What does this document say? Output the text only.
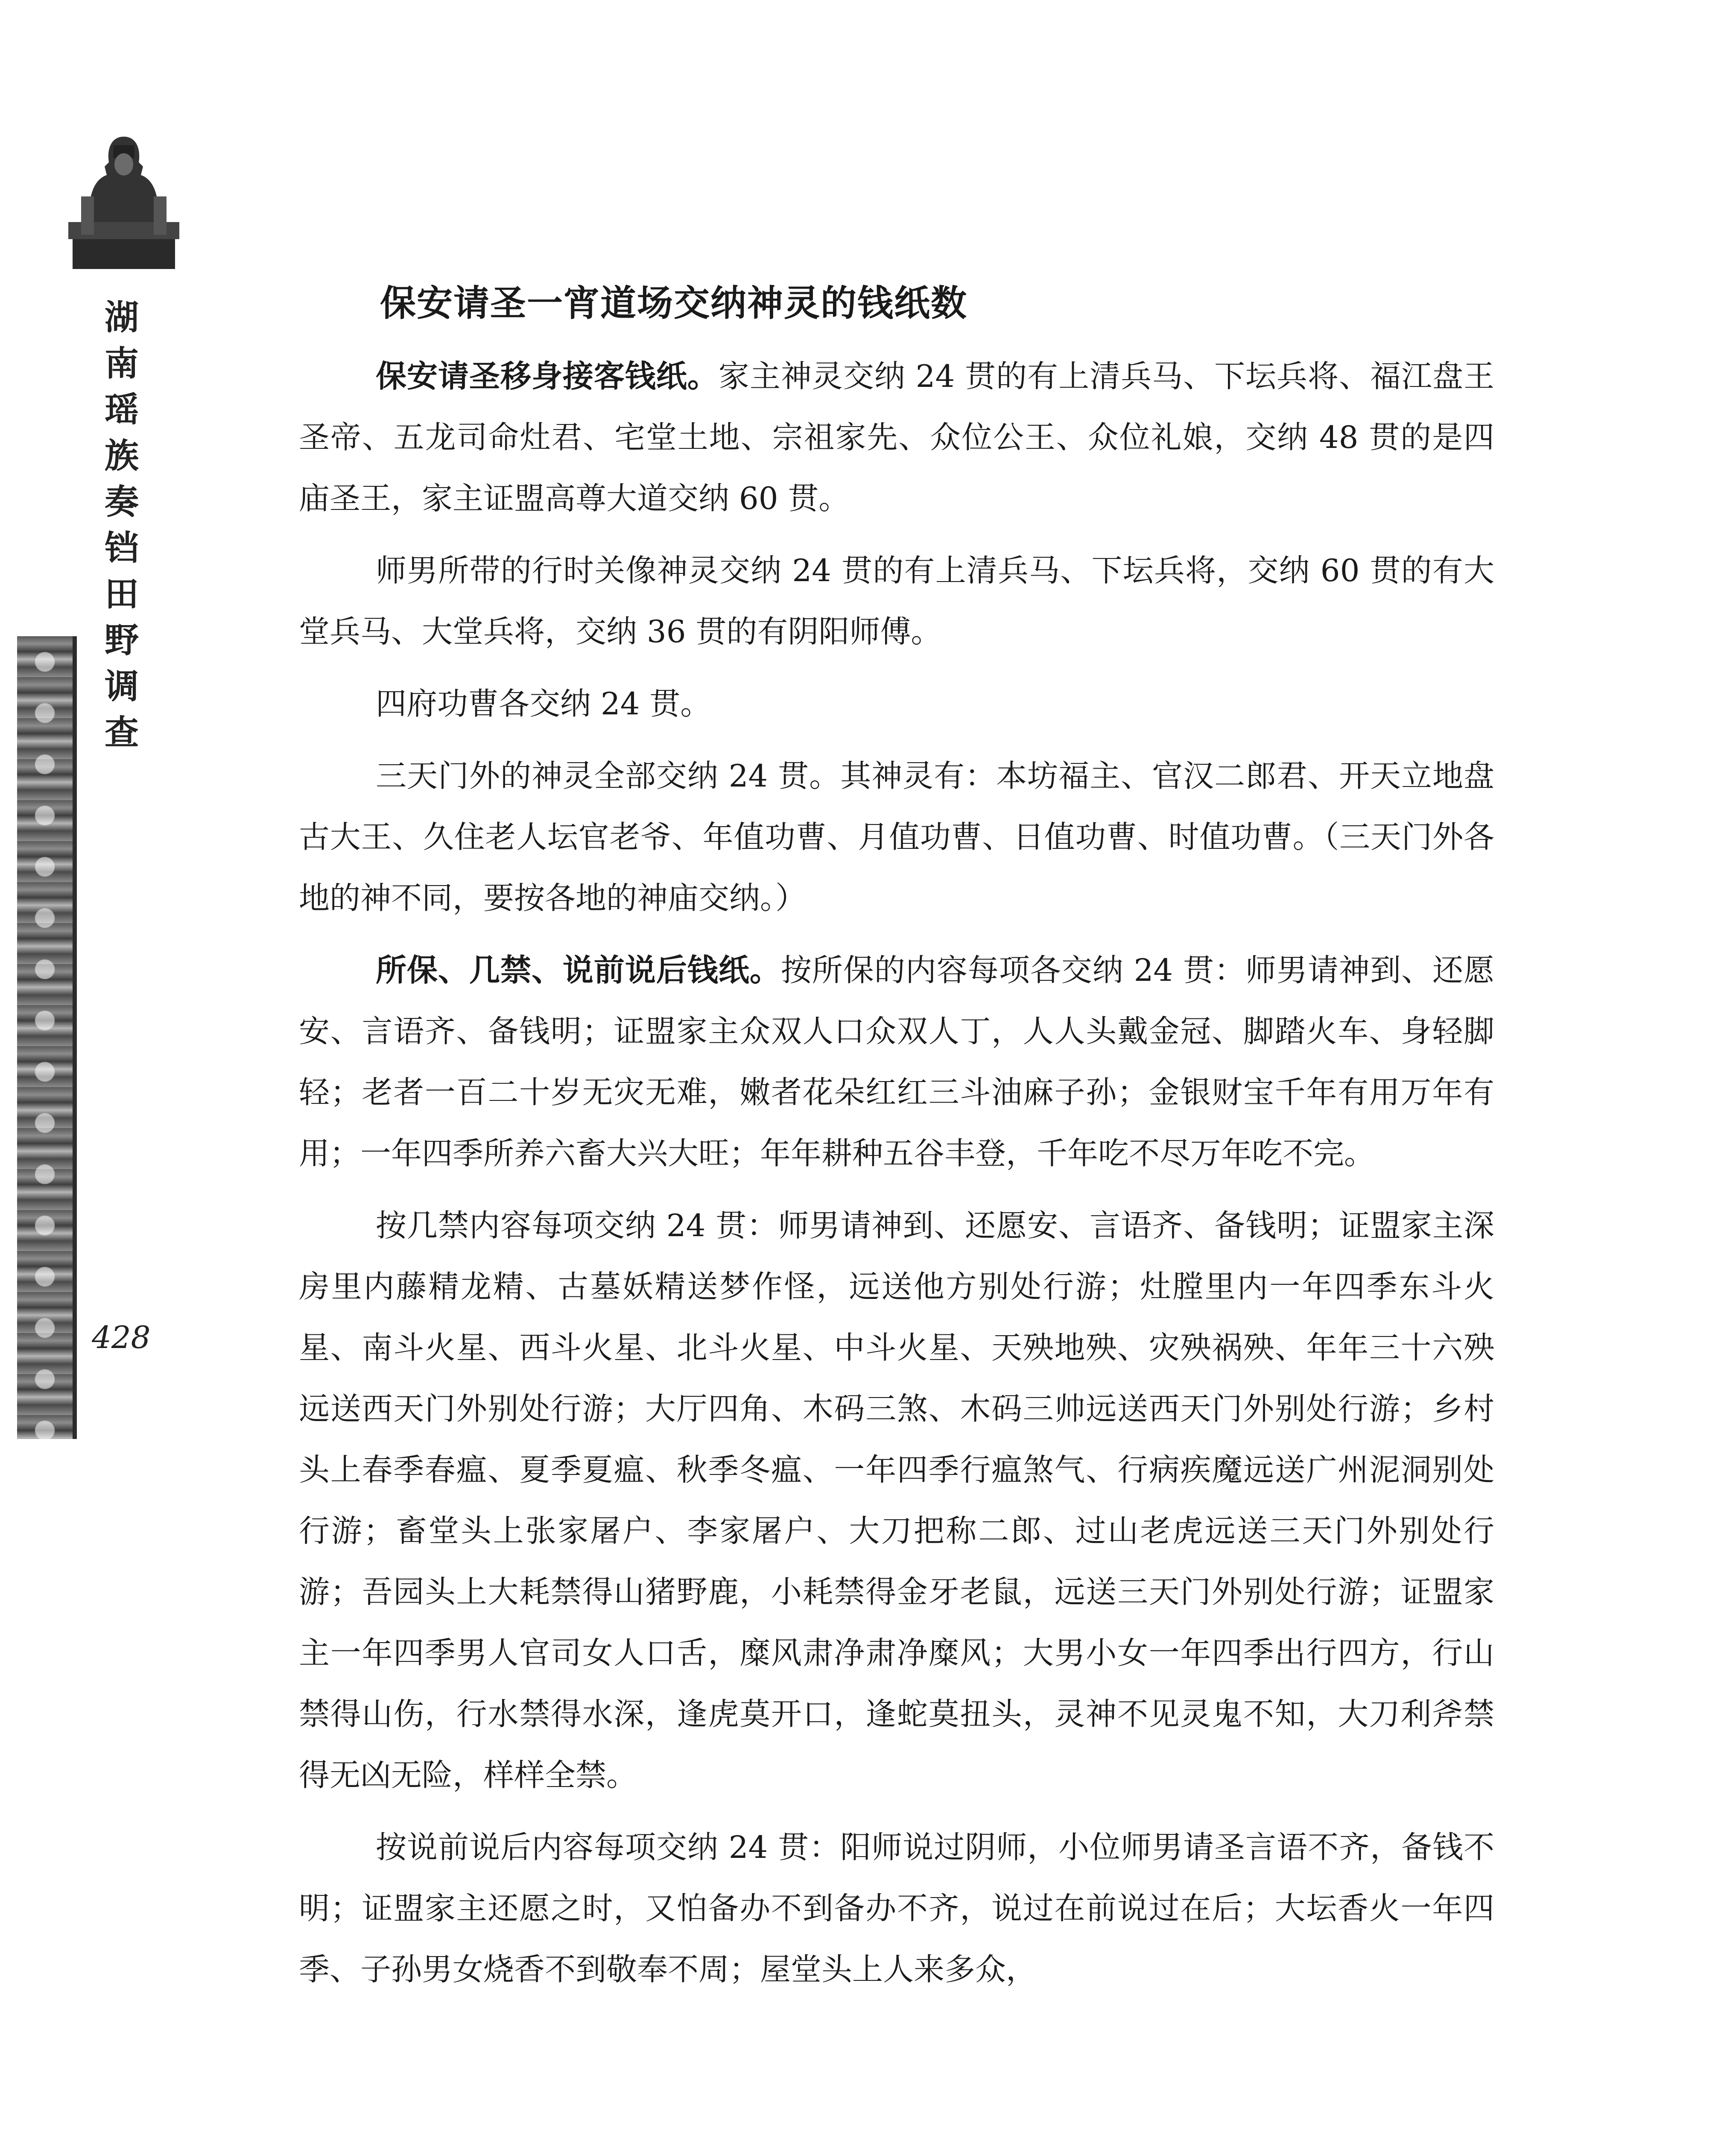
湖南瑶族奏铛田野调查
428
保安请圣一宵道场交纳神灵的钱纸数

保安请圣移身接客钱纸。家主神灵交纳 24 贯的有上清兵马、下坛兵将、福江盘王圣帝、五龙司命灶君、宅堂土地、宗祖家先、众位公王、众位礼娘，交纳 48 贯的是四庙圣王，家主证盟高尊大道交纳 60 贯。

师男所带的行时关像神灵交纳 24 贯的有上清兵马、下坛兵将，交纳 60 贯的有大堂兵马、大堂兵将，交纳 36 贯的有阴阳师傅。

四府功曹各交纳 24 贯。

三天门外的神灵全部交纳 24 贯。其神灵有：本坊福主、官汉二郎君、开天立地盘古大王、久住老人坛官老爷、年值功曹、月值功曹、日值功曹、时值功曹。（三天门外各地的神不同，要按各地的神庙交纳。）

所保、几禁、说前说后钱纸。按所保的内容每项各交纳 24 贯：师男请神到、还愿安、言语齐、备钱明；证盟家主众双人口众双人丁，人人头戴金冠、脚踏火车、身轻脚轻；老者一百二十岁无灾无难，嫩者花朵红红三斗油麻子孙；金银财宝千年有用万年有用；一年四季所养六畜大兴大旺；年年耕种五谷丰登，千年吃不尽万年吃不完。

按几禁内容每项交纳 24 贯：师男请神到、还愿安、言语齐、备钱明；证盟家主深房里内藤精龙精、古墓妖精送梦作怪，远送他方别处行游；灶膛里内一年四季东斗火星、南斗火星、西斗火星、北斗火星、中斗火星、天殃地殃、灾殃祸殃、年年三十六殃远送西天门外别处行游；大厅四角、木码三煞、木码三帅远送西天门外别处行游；乡村头上春季春瘟、夏季夏瘟、秋季冬瘟、一年四季行瘟煞气、行病疾魔远送广州泥洞别处行游；畜堂头上张家屠户、李家屠户、大刀把称二郎、过山老虎远送三天门外别处行游；吾园头上大耗禁得山猪野鹿，小耗禁得金牙老鼠，远送三天门外别处行游；证盟家主一年四季男人官司女人口舌，糜风肃净肃净糜风；大男小女一年四季出行四方，行山禁得山伤，行水禁得水深，逢虎莫开口，逢蛇莫扭头，灵神不见灵鬼不知，大刀利斧禁得无凶无险，样样全禁。

按说前说后内容每项交纳 24 贯：阳师说过阴师，小位师男请圣言语不齐，备钱不明；证盟家主还愿之时，又怕备办不到备办不齐，说过在前说过在后；大坛香火一年四季、子孙男女烧香不到敬奉不周；屋堂头上人来多众，
